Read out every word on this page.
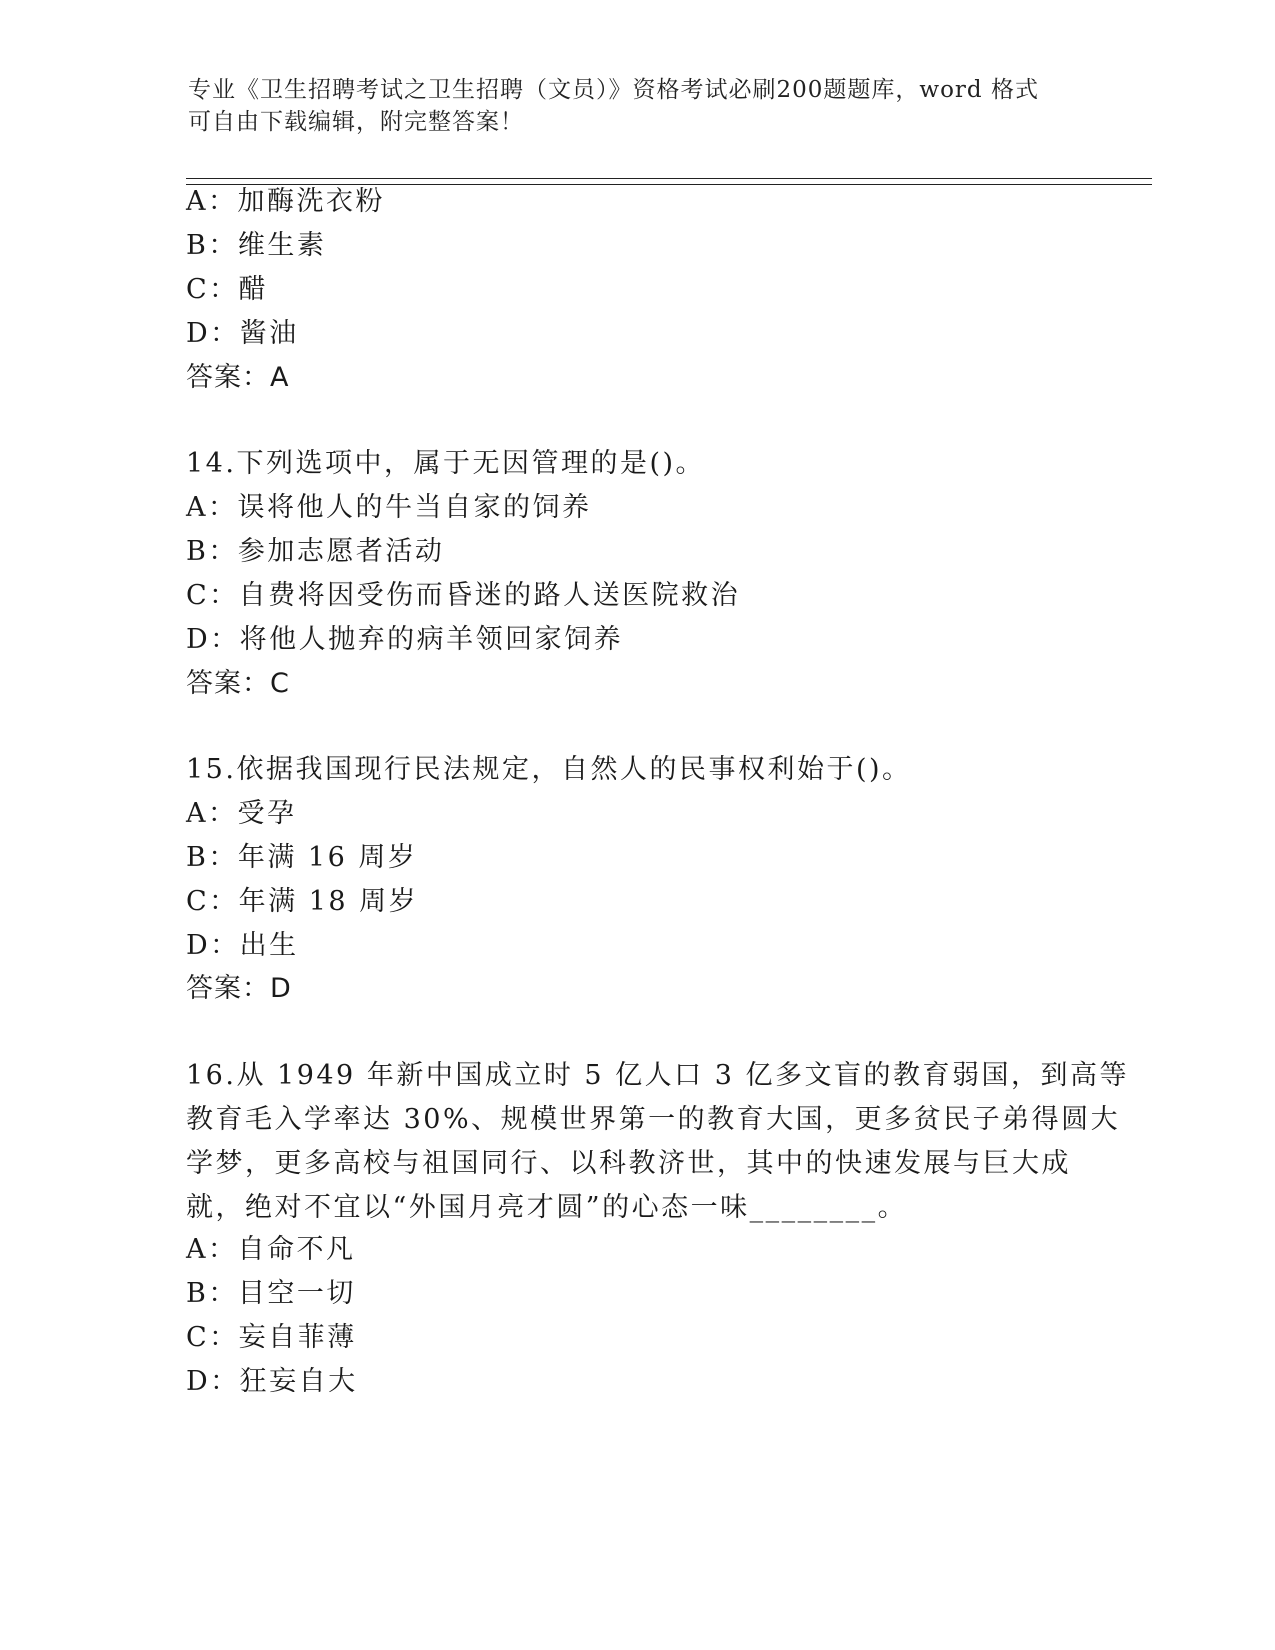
专业《卫生招聘考试之卫生招聘（文员）》资格考试必刷200题题库，word 格式
可自由下载编辑，附完整答案！
A：加酶洗衣粉
B：维生素
C：醋
D：酱油
答案：A
14.下列选项中，属于无因管理的是()。
A：误将他人的牛当自家的饲养
B：参加志愿者活动
C：自费将因受伤而昏迷的路人送医院救治
D：将他人抛弃的病羊领回家饲养
答案：C
15.依据我国现行民法规定，自然人的民事权利始于()。
A：受孕
B：年满 16 周岁
C：年满 18 周岁
D：出生
答案：D
16.从 1949 年新中国成立时 5 亿人口 3 亿多文盲的教育弱国，到高等
教育毛入学率达 30%、规模世界第一的教育大国，更多贫民子弟得圆大
学梦，更多高校与祖国同行、以科教济世，其中的快速发展与巨大成
就，绝对不宜以“外国月亮才圆”的心态一味________。
A：自命不凡
B：目空一切
C：妄自菲薄
D：狂妄自大
